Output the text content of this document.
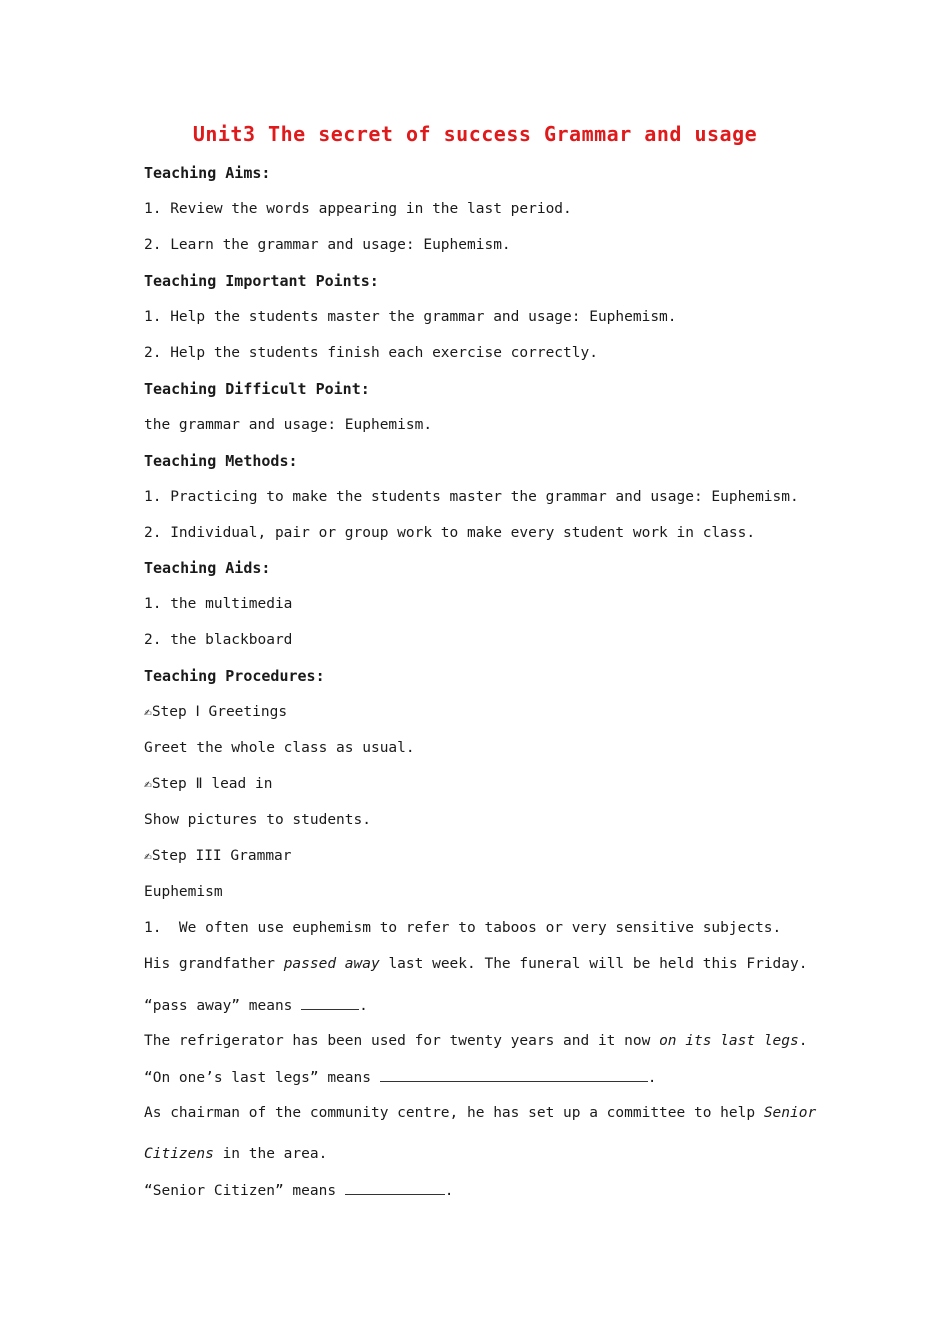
Unit3 The secret of success Grammar and usage
Teaching Aims:
1. Review the words appearing in the last period.
2. Learn the grammar and usage: Euphemism.
Teaching Important Points:
1. Help the students master the grammar and usage: Euphemism.
2. Help the students finish each exercise correctly.
Teaching Difficult Point:
the grammar and usage: Euphemism.
Teaching Methods:
1. Practicing to make the students master the grammar and usage: Euphemism.
2. Individual, pair or group work to make every student work in class.
Teaching Aids:
1. the multimedia
2. the blackboard
Teaching Procedures:
✍Step Ⅰ Greetings
Greet the whole class as usual.
✍Step Ⅱ lead in
Show pictures to students.
✍Step III Grammar
Euphemism
1.  We often use euphemism to refer to taboos or very sensitive subjects.
His grandfather passed away last week. The funeral will be held this Friday.
“pass away” means	.
The refrigerator has been used for twenty years and it now on its last legs.
“On one’s last legs” means	.
As chairman of the community centre, he has set up a committee to help Senior
Citizens in the area.
“Senior Citizen” means	.
